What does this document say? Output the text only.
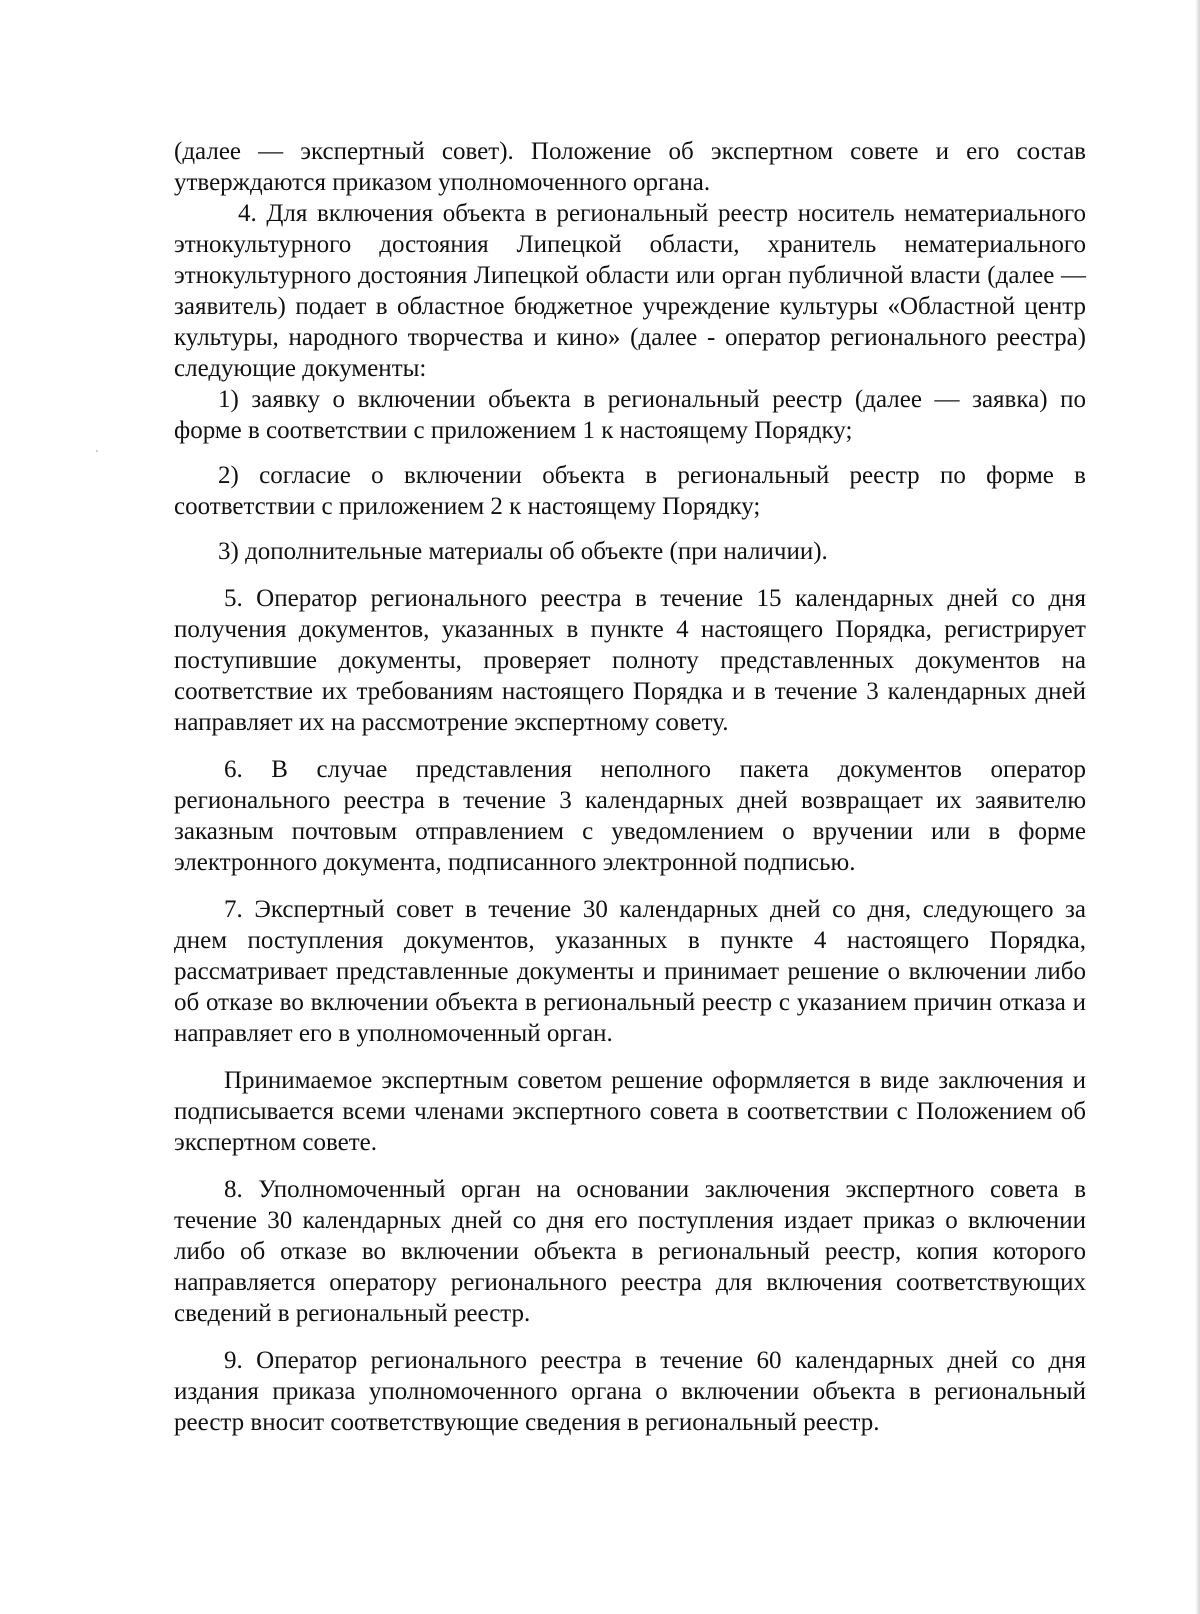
(далее — экспертный совет). Положение об экспертном совете и его состав утверждаются приказом уполномоченного органа.

4. Для включения объекта в региональный реестр носитель нематериального этнокультурного достояния Липецкой области, хранитель нематериального этнокультурного достояния Липецкой области или орган публичной власти (далее — заявитель) подает в областное бюджетное учреждение культуры «Областной центр культуры, народного творчества и кино» (далее - оператор регионального реестра) следующие документы:

1) заявку о включении объекта в региональный реестр (далее — заявка) по форме в соответствии с приложением 1 к настоящему Порядку;

2) согласие о включении объекта в региональный реестр по форме в соответствии с приложением 2 к настоящему Порядку;

3) дополнительные материалы об объекте (при наличии).

5. Оператор регионального реестра в течение 15 календарных дней со дня получения документов, указанных в пункте 4 настоящего Порядка, регистрирует поступившие документы, проверяет полноту представленных документов на соответствие их требованиям настоящего Порядка и в течение 3 календарных дней направляет их на рассмотрение экспертному совету.

6. В случае представления неполного пакета документов оператор регионального реестра в течение 3 календарных дней возвращает их заявителю заказным почтовым отправлением с уведомлением о вручении или в форме электронного документа, подписанного электронной подписью.

7. Экспертный совет в течение 30 календарных дней со дня, следующего за днем поступления документов, указанных в пункте 4 настоящего Порядка, рассматривает представленные документы и принимает решение о включении либо об отказе во включении объекта в региональный реестр с указанием причин отказа и направляет его в уполномоченный орган.

Принимаемое экспертным советом решение оформляется в виде заключения и подписывается всеми членами экспертного совета в соответствии с Положением об экспертном совете.

8. Уполномоченный орган на основании заключения экспертного совета в течение 30 календарных дней со дня его поступления издает приказ о включении либо об отказе во включении объекта в региональный реестр, копия которого направляется оператору регионального реестра для включения соответствующих сведений в региональный реестр.

9. Оператор регионального реестра в течение 60 календарных дней со дня издания приказа уполномоченного органа о включении объекта в региональный реестр вносит соответствующие сведения в региональный реестр.
